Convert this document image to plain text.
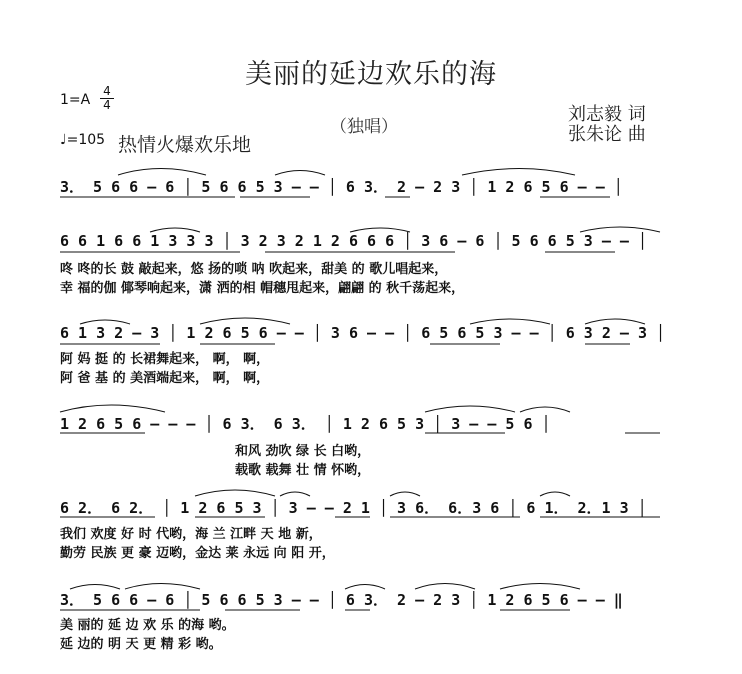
美丽的延边欢乐的海
1=A
4
4
（独唱）
刘志毅 词
张朱论 曲
♩=105 热情火爆欢乐地
3． 5 6 6 – 6 │ 5 6 6 5 3 – – │ 6 3． 2 – 2 3 │ 1 2 6 5 6 – – │
6 6 1 6 6 1 3 3 3 │ 3 2 3 2 1 2 6 6 6 │ 3 6 – 6 │ 5 6 6 5 3 – – │
咚 咚的长 鼓 敲起来，悠 扬的唢 呐 吹起来，甜美 的 歌儿唱起来，
幸 福的伽 倻琴响起来，潇 洒的相 帽穗甩起来，翩翩 的 秋千荡起来，
6 1 3 2 – 3 │ 1 2 6 5 6 – – │ 3 6 – – │ 6 5 6 5 3 – – │ 6 3 2 – 3 │
阿 妈 挺 的 长裙舞起来， 啊， 啊，
阿 爸 基 的 美酒端起来， 啊， 啊，
1 2 6 5 6 – – – │ 6 3． 6 3． │ 1 2 6 5 3 │ 3 – – 5 6 │
和风 劲吹 绿 长 白哟，
载歌 载舞 壮 情 怀哟，
6 2． 6 2． │ 1 2 6 5 3 │ 3 – – 2 1 │ 3 6． 6．3 6 │ 6 1． 2．1 3 │
我们 欢度 好 时 代哟，海 兰 江畔 天 地 新，
勤劳 民族 更 豪 迈哟，金达 莱 永远 向 阳 开，
3． 5 6 6 – 6 │ 5 6 6 5 3 – – │ 6 3． 2 – 2 3 │ 1 2 6 5 6 – – ‖
美 丽的 延 边 欢 乐 的海 哟。
延 边的 明 天 更 精 彩 哟。
